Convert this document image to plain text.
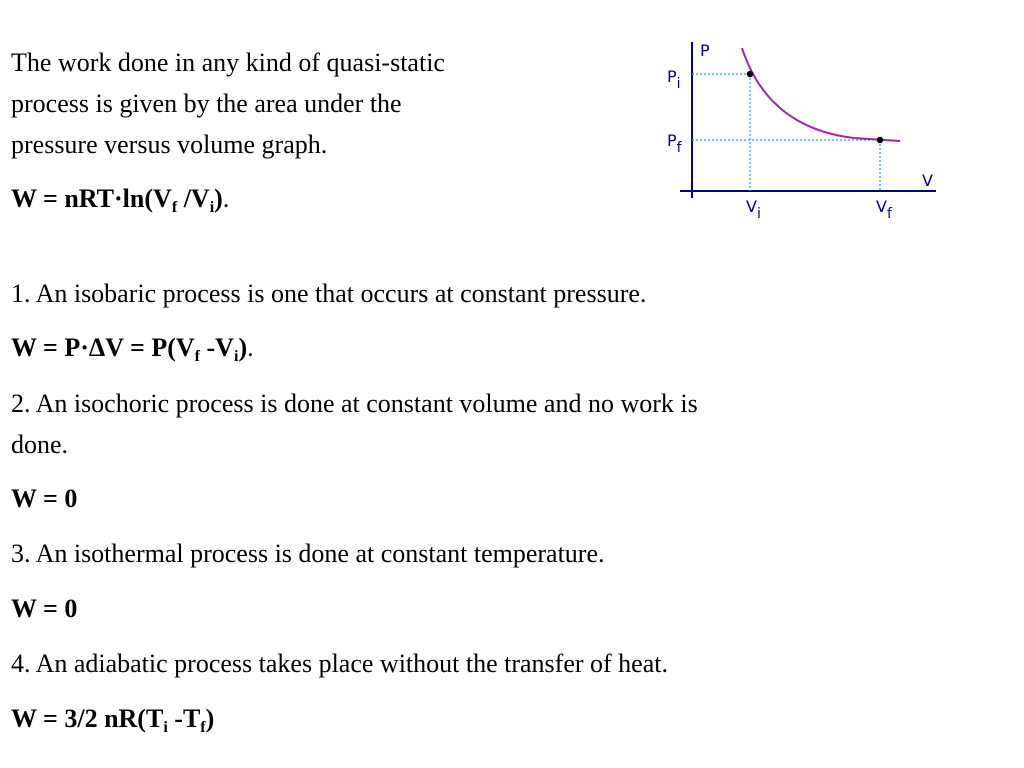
The work done in any kind of quasi-static
process is given by the area under the
pressure versus volume graph.
$W = nRT\cdot\ln(V_f$ $/V_i$).
1. An isobaric process is one that occurs at constant pressure.
$W = P\cdot\Delta V = P(V_f$ $-V_i$).
2. An isochoric process is done at constant volume and no work is
done.
W = 0
3. An isothermal process is done at constant temperature.
W = 0
4. An adiabatic process takes place without the transfer of heat.
W = 3/2 $nR(T_i$ $-T_f$)
P
V
Pi
Pf
Vi	Vf
